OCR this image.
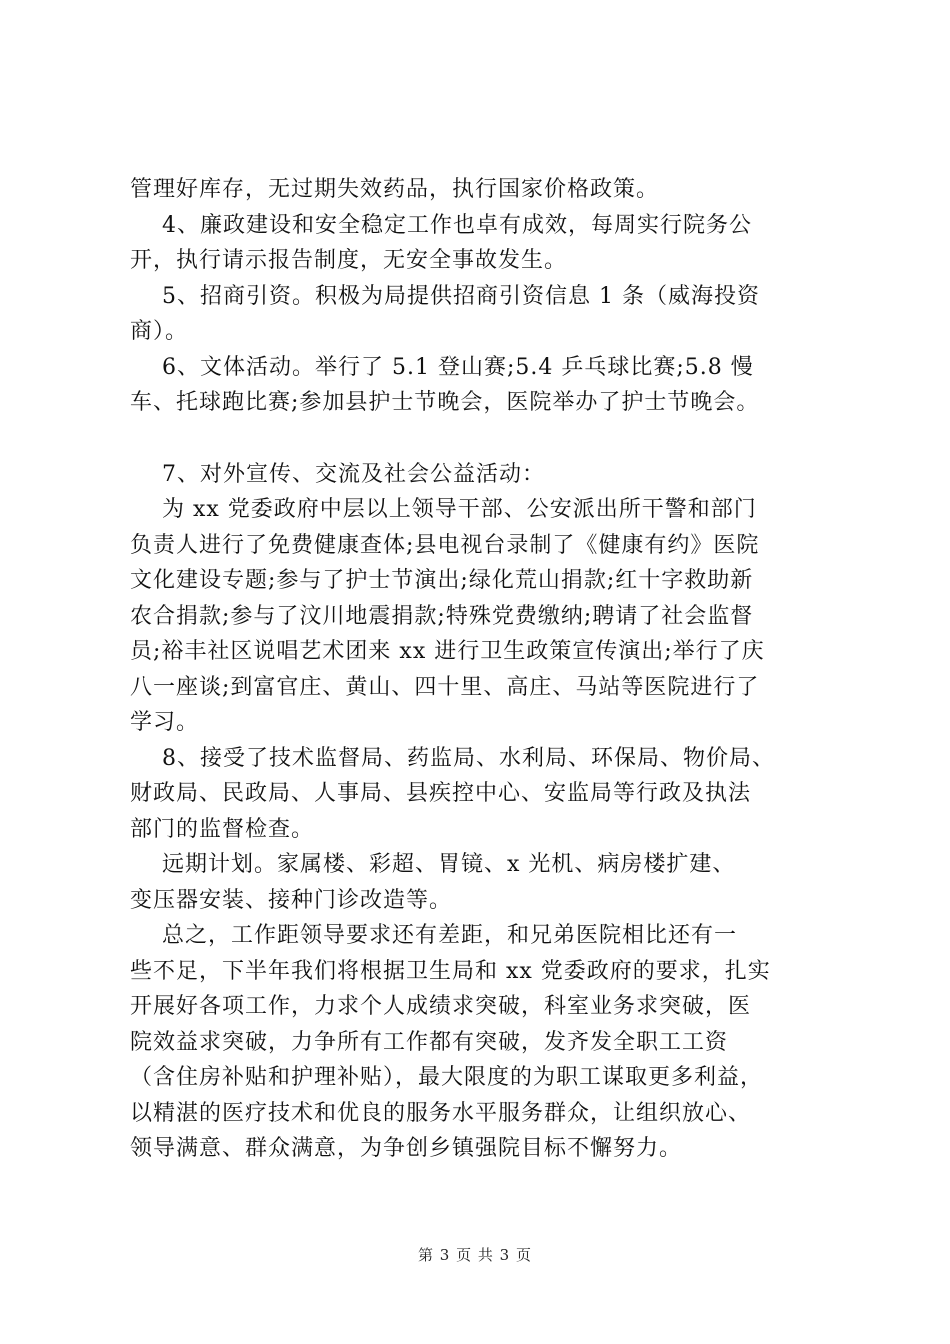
管理好库存，无过期失效药品，执行国家价格政策。
4、廉政建设和安全稳定工作也卓有成效，每周实行院务公
开，执行请示报告制度，无安全事故发生。
5、招商引资。积极为局提供招商引资信息 1 条（威海投资
商）。
6、文体活动。举行了 5.1 登山赛;5.4 乒乓球比赛;5.8 慢
车、托球跑比赛;参加县护士节晚会，医院举办了护士节晚会。
7、对外宣传、交流及社会公益活动：
为 xx 党委政府中层以上领导干部、公安派出所干警和部门
负责人进行了免费健康查体;县电视台录制了《健康有约》医院
文化建设专题;参与了护士节演出;绿化荒山捐款;红十字救助新
农合捐款;参与了汶川地震捐款;特殊党费缴纳;聘请了社会监督
员;裕丰社区说唱艺术团来 xx 进行卫生政策宣传演出;举行了庆
八一座谈;到富官庄、黄山、四十里、高庄、马站等医院进行了
学习。
8、接受了技术监督局、药监局、水利局、环保局、物价局、
财政局、民政局、人事局、县疾控中心、安监局等行政及执法
部门的监督检查。
远期计划。家属楼、彩超、胃镜、x 光机、病房楼扩建、
变压器安装、接种门诊改造等。
总之，工作距领导要求还有差距，和兄弟医院相比还有一
些不足，下半年我们将根据卫生局和 xx 党委政府的要求，扎实
开展好各项工作，力求个人成绩求突破，科室业务求突破，医
院效益求突破，力争所有工作都有突破，发齐发全职工工资
（含住房补贴和护理补贴），最大限度的为职工谋取更多利益，
以精湛的医疗技术和优良的服务水平服务群众，让组织放心、
领导满意、群众满意，为争创乡镇强院目标不懈努力。
第 3 页 共 3 页
